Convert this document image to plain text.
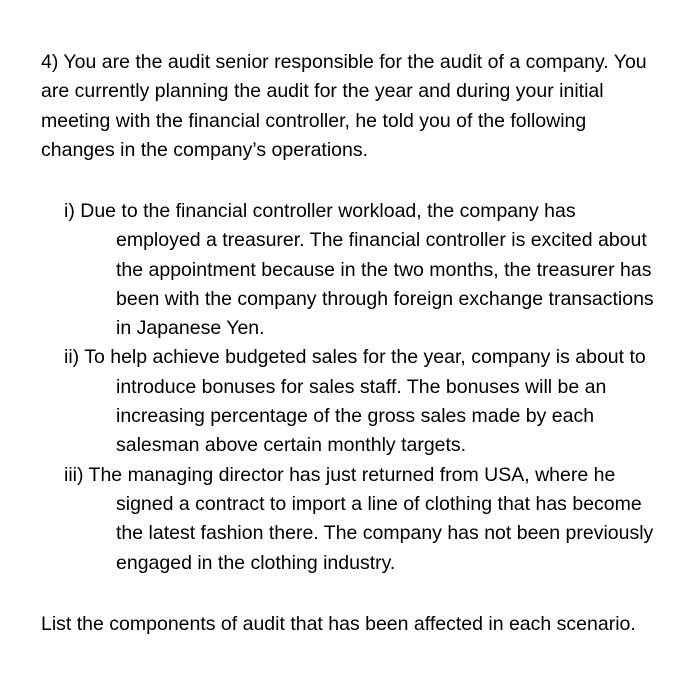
4) You are the audit senior responsible for the audit of a company. You are currently planning the audit for the year and during your initial meeting with the financial controller, he told you of the following changes in the company’s operations.

i) Due to the financial controller workload, the company has employed a treasurer. The financial controller is excited about the appointment because in the two months, the treasurer has been with the company through foreign exchange transactions in Japanese Yen.
ii) To help achieve budgeted sales for the year, company is about to introduce bonuses for sales staff. The bonuses will be an increasing percentage of the gross sales made by each salesman above certain monthly targets.
iii) The managing director has just returned from USA, where he signed a contract to import a line of clothing that has become the latest fashion there. The company has not been previously engaged in the clothing industry.

List the components of audit that has been affected in each scenario.
